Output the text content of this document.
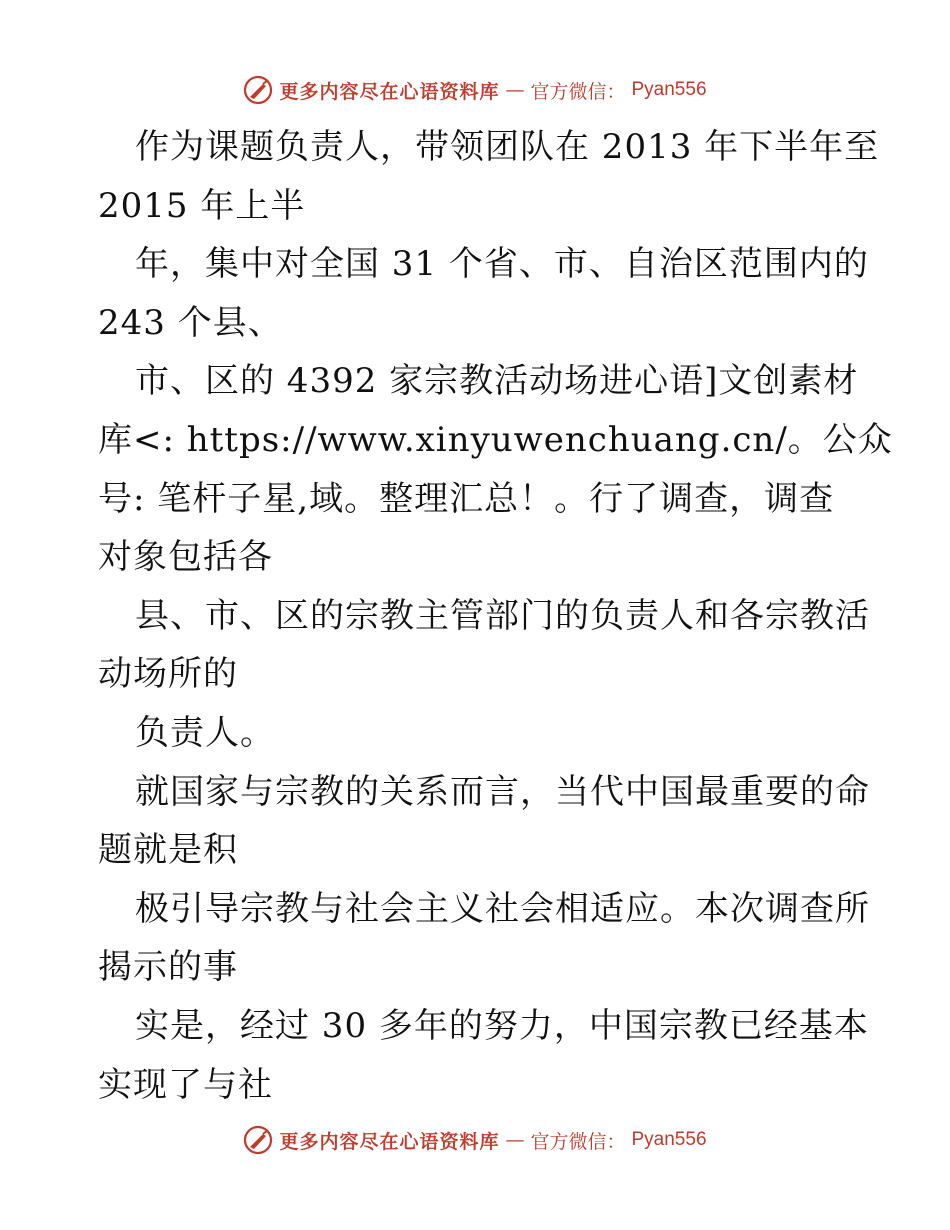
更多内容尽在心语资料库 — 官方微信： Pyan556
作为课题负责人，带领团队在 2013 年下半年至
2015 年上半
年，集中对全国 31 个省、市、自治区范围内的
243 个县、
市、区的 4392 家宗教活动场进心语]文创素材
库<: https://www.xinyuwenchuang.cn/。公众
号: 笔杆子星,域。整理汇总！。行了调查，调查
对象包括各
县、市、区的宗教主管部门的负责人和各宗教活
动场所的
负责人。
就国家与宗教的关系而言，当代中国最重要的命
题就是积
极引导宗教与社会主义社会相适应。本次调查所
揭示的事
实是，经过 30 多年的努力，中国宗教已经基本
实现了与社
更多内容尽在心语资料库 — 官方微信： Pyan556
